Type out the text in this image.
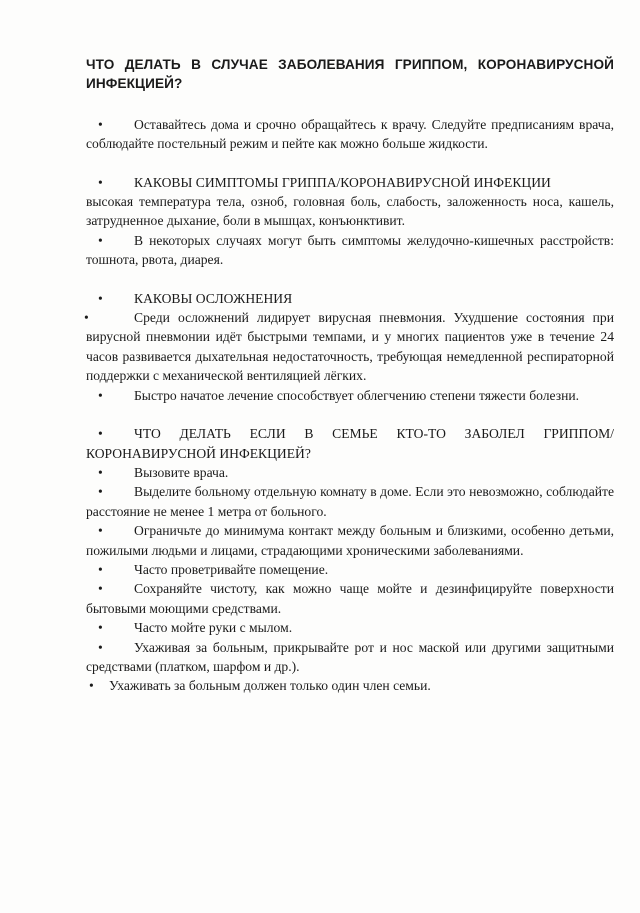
ЧТО ДЕЛАТЬ В СЛУЧАЕ ЗАБОЛЕВАНИЯ ГРИППОМ, КОРОНАВИРУСНОЙ ИНФЕКЦИЕЙ?

• Оставайтесь дома и срочно обращайтесь к врачу. Следуйте предписаниям врача, соблюдайте постельный режим и пейте как можно больше жидкости.

• КАКОВЫ СИМПТОМЫ ГРИППА/КОРОНАВИРУСНОЙ ИНФЕКЦИИ

высокая температура тела, озноб, головная боль, слабость, заложенность носа, кашель, затрудненное дыхание, боли в мышцах, конъюнктивит.

• В некоторых случаях могут быть симптомы желудочно-кишечных расстройств: тошнота, рвота, диарея.

• КАКОВЫ ОСЛОЖНЕНИЯ

•	Среди осложнений лидирует вирусная пневмония. Ухудшение состояния при вирусной пневмонии идёт быстрыми темпами, и у многих пациентов уже в течение 24 часов развивается дыхательная недостаточность, требующая немедленной респираторной поддержки с механической вентиляцией лёгких.

• Быстро начатое лечение способствует облегчению степени тяжести болезни.

• ЧТО ДЕЛАТЬ ЕСЛИ В СЕМЬЕ КТО-ТО ЗАБОЛЕЛ ГРИППОМ/ КОРОНАВИРУСНОЙ ИНФЕКЦИЕЙ?

• Вызовите врача.

• Выделите больному отдельную комнату в доме. Если это невозможно, соблюдайте расстояние не менее 1 метра от больного.

• Ограничьте до минимума контакт между больным и близкими, особенно детьми, пожилыми людьми и лицами, страдающими хроническими заболеваниями.

• Часто проветривайте помещение.

• Сохраняйте чистоту, как можно чаще мойте и дезинфицируйте поверхности бытовыми моющими средствами.

• Часто мойте руки с мылом.

• Ухаживая за больным, прикрывайте рот и нос маской или другими защитными средствами (платком, шарфом и др.).

• Ухаживать за больным должен только один член семьи.
